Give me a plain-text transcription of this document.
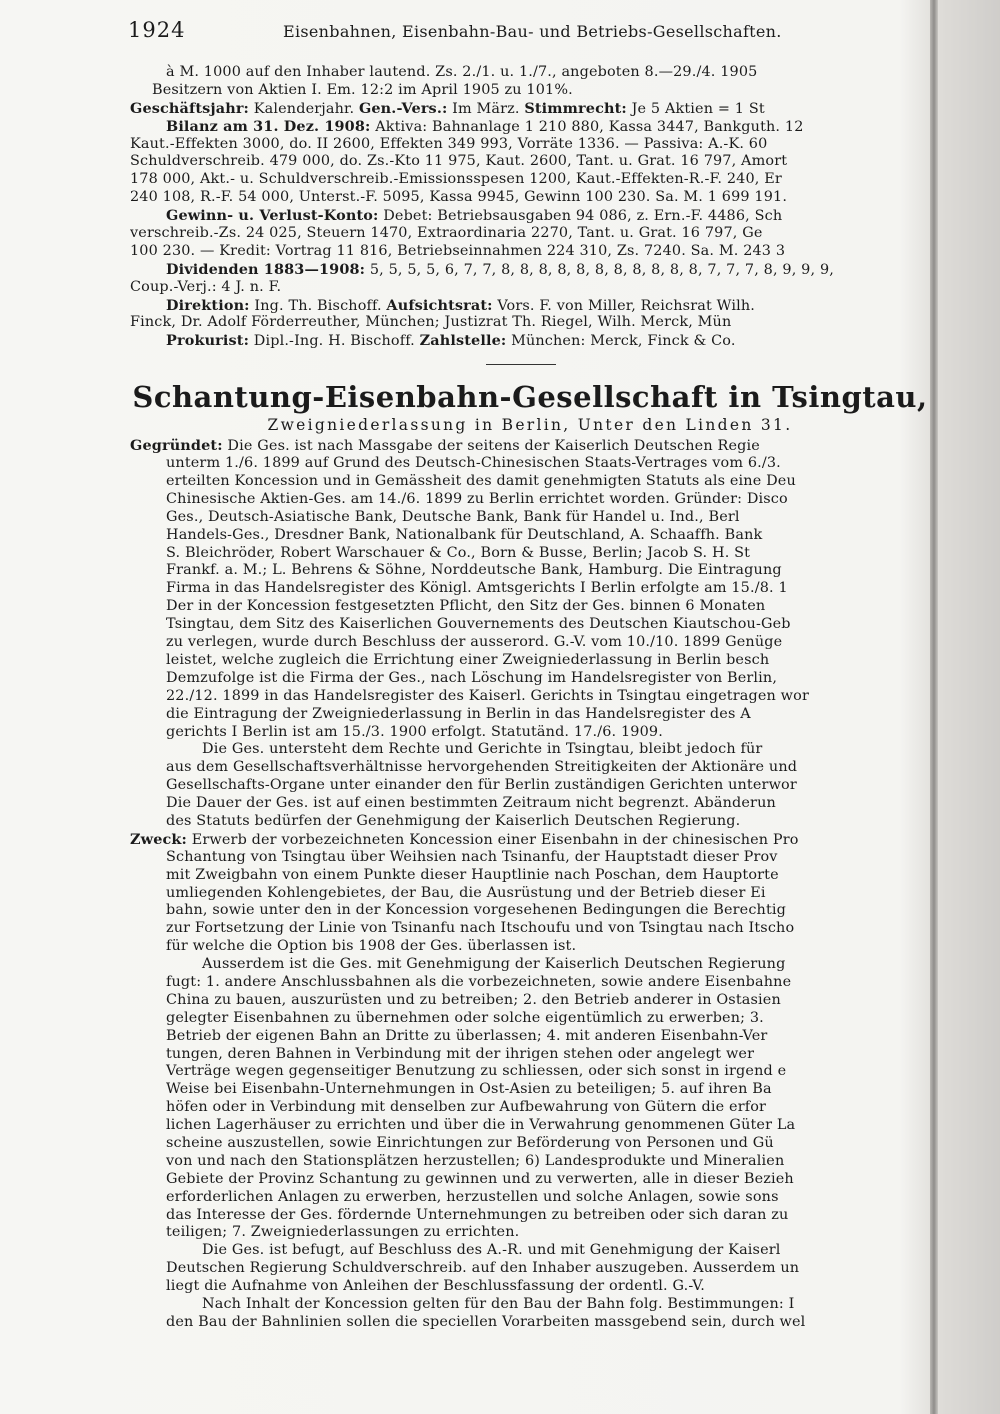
1924	Eisenbahnen, Eisenbahn-Bau- und Betriebs-Gesellschaften.
à M. 1000 auf den Inhaber lautend. Zs. 2./1. u. 1./7., angeboten 8.—29./4. 1905
Besitzern von Aktien I. Em. 12:2 im April 1905 zu 101%.
Geschäftsjahr: Kalenderjahr. Gen.-Vers.: Im März. Stimmrecht: Je 5 Aktien = 1 St
Bilanz am 31. Dez. 1908: Aktiva: Bahnanlage 1 210 880, Kassa 3447, Bankguth. 12
Kaut.-Effekten 3000, do. II 2600, Effekten 349 993, Vorräte 1336. — Passiva: A.-K. 60
Schuldverschreib. 479 000, do. Zs.-Kto 11 975, Kaut. 2600, Tant. u. Grat. 16 797, Amort
178 000, Akt.- u. Schuldverschreib.-Emissionsspesen 1200, Kaut.-Effekten-R.-F. 240, Er
240 108, R.-F. 54 000, Unterst.-F. 5095, Kassa 9945, Gewinn 100 230. Sa. M. 1 699 191.
Gewinn- u. Verlust-Konto: Debet: Betriebsausgaben 94 086, z. Ern.-F. 4486, Sch
verschreib.-Zs. 24 025, Steuern 1470, Extraordinaria 2270, Tant. u. Grat. 16 797, Ge
100 230. — Kredit: Vortrag 11 816, Betriebseinnahmen 224 310, Zs. 7240. Sa. M. 243 3
Dividenden 1883—1908: 5, 5, 5, 5, 6, 7, 7, 8, 8, 8, 8, 8, 8, 8, 8, 8, 8, 8, 7, 7, 7, 8, 9, 9, 9,
Coup.-Verj.: 4 J. n. F.
Direktion: Ing. Th. Bischoff. Aufsichtsrat: Vors. F. von Miller, Reichsrat Wilh.
Finck, Dr. Adolf Förderreuther, München; Justizrat Th. Riegel, Wilh. Merck, Mün
Prokurist: Dipl.-Ing. H. Bischoff. Zahlstelle: München: Merck, Finck & Co.
Schantung-Eisenbahn-Gesellschaft in Tsingtau,
Zweigniederlassung in Berlin, Unter den Linden 31.
Gegründet: Die Ges. ist nach Massgabe der seitens der Kaiserlich Deutschen Regie
unterm 1./6. 1899 auf Grund des Deutsch-Chinesischen Staats-Vertrages vom 6./3.
erteilten Koncession und in Gemässheit des damit genehmigten Statuts als eine Deu
Chinesische Aktien-Ges. am 14./6. 1899 zu Berlin errichtet worden. Gründer: Disco
Ges., Deutsch-Asiatische Bank, Deutsche Bank, Bank für Handel u. Ind., Berl
Handels-Ges., Dresdner Bank, Nationalbank für Deutschland, A. Schaaffh. Bank
S. Bleichröder, Robert Warschauer & Co., Born & Busse, Berlin; Jacob S. H. St
Frankf. a. M.; L. Behrens & Söhne, Norddeutsche Bank, Hamburg. Die Eintragung
Firma in das Handelsregister des Königl. Amtsgerichts I Berlin erfolgte am 15./8. 1
Der in der Koncession festgesetzten Pflicht, den Sitz der Ges. binnen 6 Monaten
Tsingtau, dem Sitz des Kaiserlichen Gouvernements des Deutschen Kiautschou-Geb
zu verlegen, wurde durch Beschluss der ausserord. G.-V. vom 10./10. 1899 Genüge
leistet, welche zugleich die Errichtung einer Zweigniederlassung in Berlin besch
Demzufolge ist die Firma der Ges., nach Löschung im Handelsregister von Berlin,
22./12. 1899 in das Handelsregister des Kaiserl. Gerichts in Tsingtau eingetragen wor
die Eintragung der Zweigniederlassung in Berlin in das Handelsregister des A
gerichts I Berlin ist am 15./3. 1900 erfolgt. Statutänd. 17./6. 1909.
Die Ges. untersteht dem Rechte und Gerichte in Tsingtau, bleibt jedoch für
aus dem Gesellschaftsverhältnisse hervorgehenden Streitigkeiten der Aktionäre und
Gesellschafts-Organe unter einander den für Berlin zuständigen Gerichten unterwor
Die Dauer der Ges. ist auf einen bestimmten Zeitraum nicht begrenzt. Abänderun
des Statuts bedürfen der Genehmigung der Kaiserlich Deutschen Regierung.
Zweck: Erwerb der vorbezeichneten Koncession einer Eisenbahn in der chinesischen Pro
Schantung von Tsingtau über Weihsien nach Tsinanfu, der Hauptstadt dieser Prov
mit Zweigbahn von einem Punkte dieser Hauptlinie nach Poschan, dem Hauptorte
umliegenden Kohlengebietes, der Bau, die Ausrüstung und der Betrieb dieser Ei
bahn, sowie unter den in der Koncession vorgesehenen Bedingungen die Berechtig
zur Fortsetzung der Linie von Tsinanfu nach Itschoufu und von Tsingtau nach Itscho
für welche die Option bis 1908 der Ges. überlassen ist.
Ausserdem ist die Ges. mit Genehmigung der Kaiserlich Deutschen Regierung
fugt: 1. andere Anschlussbahnen als die vorbezeichneten, sowie andere Eisenbahne
China zu bauen, auszurüsten und zu betreiben; 2. den Betrieb anderer in Ostasien
gelegter Eisenbahnen zu übernehmen oder solche eigentümlich zu erwerben; 3.
Betrieb der eigenen Bahn an Dritte zu überlassen; 4. mit anderen Eisenbahn-Ver
tungen, deren Bahnen in Verbindung mit der ihrigen stehen oder angelegt wer
Verträge wegen gegenseitiger Benutzung zu schliessen, oder sich sonst in irgend e
Weise bei Eisenbahn-Unternehmungen in Ost-Asien zu beteiligen; 5. auf ihren Ba
höfen oder in Verbindung mit denselben zur Aufbewahrung von Gütern die erfor
lichen Lagerhäuser zu errichten und über die in Verwahrung genommenen Güter La
scheine auszustellen, sowie Einrichtungen zur Beförderung von Personen und Gü
von und nach den Stationsplätzen herzustellen; 6) Landesprodukte und Mineralien
Gebiete der Provinz Schantung zu gewinnen und zu verwerten, alle in dieser Bezieh
erforderlichen Anlagen zu erwerben, herzustellen und solche Anlagen, sowie sons
das Interesse der Ges. fördernde Unternehmungen zu betreiben oder sich daran zu
teiligen; 7. Zweigniederlassungen zu errichten.
Die Ges. ist befugt, auf Beschluss des A.-R. und mit Genehmigung der Kaiserl
Deutschen Regierung Schuldverschreib. auf den Inhaber auszugeben. Ausserdem un
liegt die Aufnahme von Anleihen der Beschlussfassung der ordentl. G.-V.
Nach Inhalt der Koncession gelten für den Bau der Bahn folg. Bestimmungen: I
den Bau der Bahnlinien sollen die speciellen Vorarbeiten massgebend sein, durch wel
